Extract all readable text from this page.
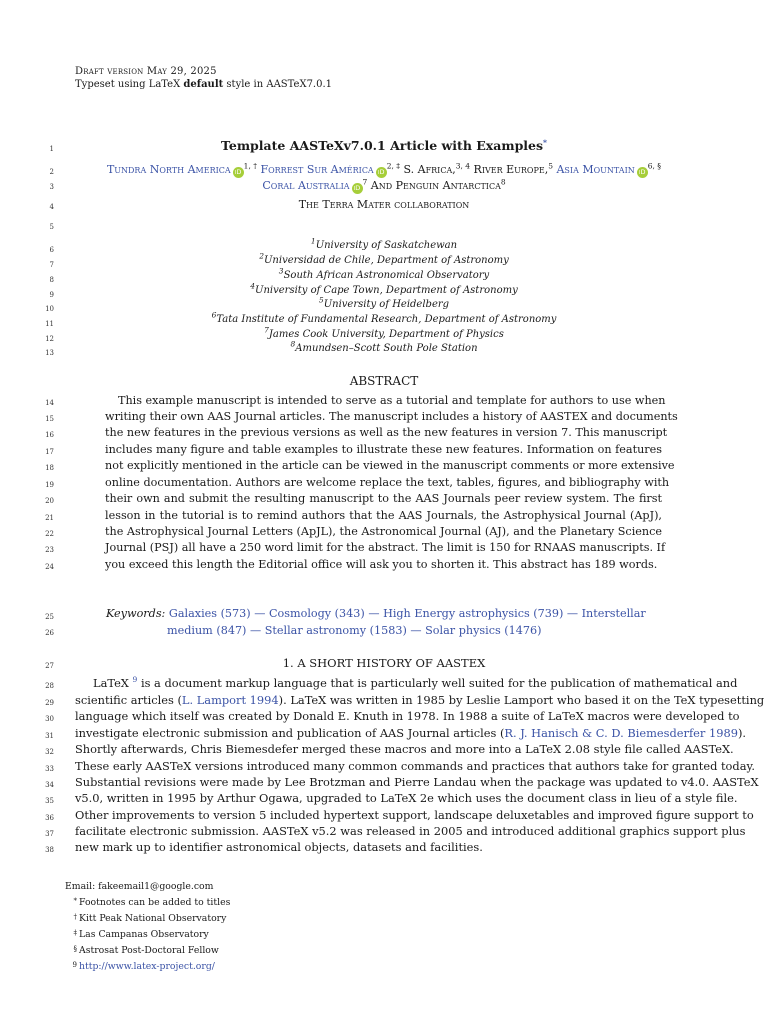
Draft version May 29, 2025
Typeset using LaTeX default style in AASTeX7.0.1
1
2
3
4
5
6
7
8
9
10
11
12
13
14
15
16
17
18
19
20
21
22
23
24
25
26
27
28
29
30
31
32
33
34
35
36
37
38
Template AASTeXv7.0.1 Article with Examples*
Tundra North America $iD^{1, \dagger}$ Forrest Sur América $iD^{2, \ddagger}$ S. Africa,$^{3, 4}$ River Europe,$^5$ Asia Mountain $iD^{6, \S}$
Coral Australia $iD^7$ And Penguin Antarctica$^8$
The Terra Mater collaboration
$^1$University of Saskatchewan
$^2$Universidad de Chile, Department of Astronomy
$^3$South African Astronomical Observatory
$^4$University of Cape Town, Department of Astronomy
$^5$University of Heidelberg
$^6$Tata Institute of Fundamental Research, Department of Astronomy
$^7$James Cook University, Department of Physics
$^8$Amundsen–Scott South Pole Station
ABSTRACT
This example manuscript is intended to serve as a tutorial and template for authors to use when
writing their own AAS Journal articles. The manuscript includes a history of AASTEX and documents
the new features in the previous versions as well as the new features in version 7. This manuscript
includes many figure and table examples to illustrate these new features. Information on features
not explicitly mentioned in the article can be viewed in the manuscript comments or more extensive
online documentation. Authors are welcome replace the text, tables, figures, and bibliography with
their own and submit the resulting manuscript to the AAS Journals peer review system. The first
lesson in the tutorial is to remind authors that the AAS Journals, the Astrophysical Journal (ApJ),
the Astrophysical Journal Letters (ApJL), the Astronomical Journal (AJ), and the Planetary Science
Journal (PSJ) all have a 250 word limit for the abstract. The limit is 150 for RNAAS manuscripts. If
you exceed this length the Editorial office will ask you to shorten it. This abstract has 189 words.
Keywords: Galaxies (573) — Cosmology (343) — High Energy astrophysics (739) — Interstellar
medium (847) — Stellar astronomy (1583) — Solar physics (1476)
1. A SHORT HISTORY OF AASTEX
LaTeX $^9$ is a document markup language that is particularly well suited for the publication of mathematical and
scientific articles (L. Lamport 1994). LaTeX was written in 1985 by Leslie Lamport who based it on the TeX typesetting
language which itself was created by Donald E. Knuth in 1978. In 1988 a suite of LaTeX macros were developed to
investigate electronic submission and publication of AAS Journal articles (R. J. Hanisch & C. D. Biemesderfer 1989).
Shortly afterwards, Chris Biemesdefer merged these macros and more into a LaTeX 2.08 style file called AASTeX.
These early AASTeX versions introduced many common commands and practices that authors take for granted today.
Substantial revisions were made by Lee Brotzman and Pierre Landau when the package was updated to v4.0. AASTeX
v5.0, written in 1995 by Arthur Ogawa, upgraded to LaTeX 2e which uses the document class in lieu of a style file.
Other improvements to version 5 included hypertext support, landscape deluxetables and improved figure support to
facilitate electronic submission. AASTeX v5.2 was released in 2005 and introduced additional graphics support plus
new mark up to identifier astronomical objects, datasets and facilities.
Email: fakeemail1@google.com
* Footnotes can be added to titles
† Kitt Peak National Observatory
‡ Las Campanas Observatory
§ Astrosat Post-Doctoral Fellow
9 http://www.latex-project.org/
